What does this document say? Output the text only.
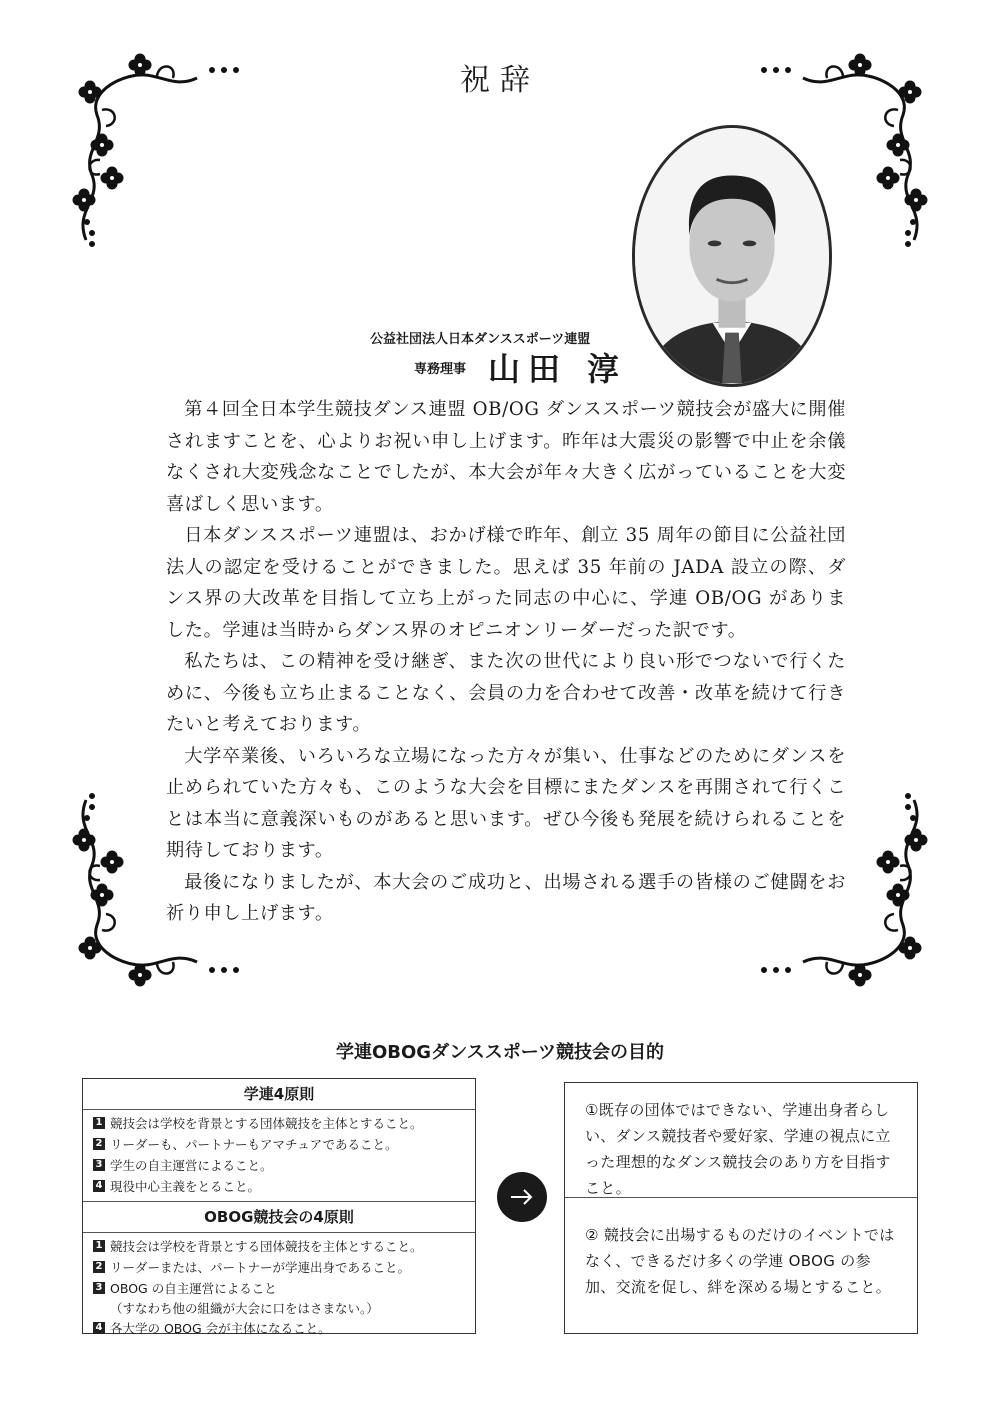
祝辞
公益社団法人日本ダンススポーツ連盟
専務理事 山田 淳

第４回全日本学生競技ダンス連盟 OB/OG ダンススポーツ競技会が盛大に開催されますことを、心よりお祝い申し上げます。昨年は大震災の影響で中止を余儀なくされ大変残念なことでしたが、本大会が年々大きく広がっていることを大変喜ばしく思います。

日本ダンススポーツ連盟は、おかげ様で昨年、創立 35 周年の節目に公益社団法人の認定を受けることができました。思えば 35 年前の JADA 設立の際、ダンス界の大改革を目指して立ち上がった同志の中心に、学連 OB/OG がありました。学連は当時からダンス界のオピニオンリーダーだった訳です。

私たちは、この精神を受け継ぎ、また次の世代により良い形でつないで行くために、今後も立ち止まることなく、会員の力を合わせて改善・改革を続けて行きたいと考えております。

大学卒業後、いろいろな立場になった方々が集い、仕事などのためにダンスを止められていた方々も、このような大会を目標にまたダンスを再開されて行くことは本当に意義深いものがあると思います。ぜひ今後も発展を続けられることを期待しております。

最後になりましたが、本大会のご成功と、出場される選手の皆様のご健闘をお祈り申し上げます。

学連OBOGダンススポーツ競技会の目的
学連4原則
1 競技会は学校を背景とする団体競技を主体とすること。
2 リーダーも、パートナーもアマチュアであること。
3 学生の自主運営によること。
4 現役中心主義をとること。
OBOG競技会の4原則
1 競技会は学校を背景とする団体競技を主体とすること。
2 リーダーまたは、パートナーが学連出身であること。
3 OBOG の自主運営によること
（すなわち他の組織が大会に口をはさまない。）
4 各大学の OBOG 会が主体になること。
①既存の団体ではできない、学連出身者らしい、ダンス競技者や愛好家、学連の視点に立った理想的なダンス競技会のあり方を目指すこと。
② 競技会に出場するものだけのイベントではなく、できるだけ多くの学連 OBOG の参加、交流を促し、絆を深める場とすること。
